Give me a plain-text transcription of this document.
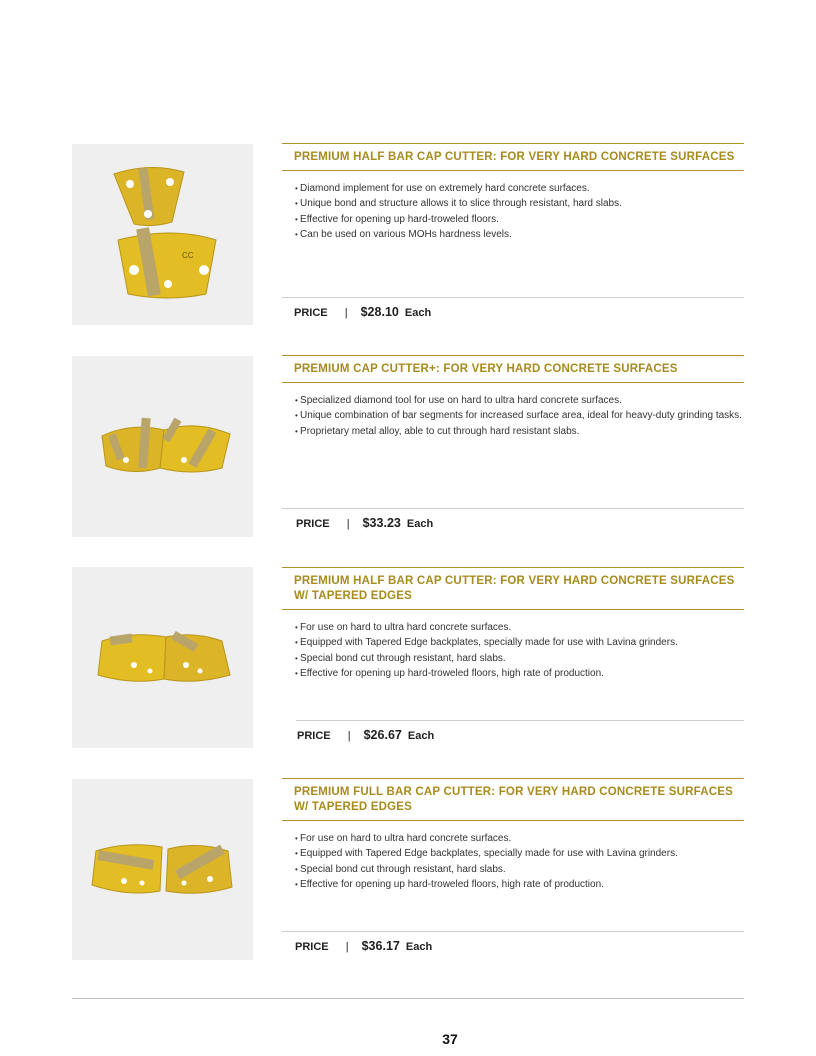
CC
PREMIUM HALF BAR CAP CUTTER: FOR VERY HARD CONCRETE SURFACES
• Diamond implement for use on extremely hard concrete surfaces.
• Unique bond and structure allows it to slice through resistant, hard slabs.
• Effective for opening up hard-troweled floors.
• Can be used on various MOHs hardness levels.
PRICE | $28.10 Each
PREMIUM CAP CUTTER+: FOR VERY HARD CONCRETE SURFACES
• Specialized diamond tool for use on hard to ultra hard concrete surfaces.
• Unique combination of bar segments for increased surface area, ideal for heavy-duty grinding tasks.
• Proprietary metal alloy, able to cut through hard resistant slabs.
PRICE | $33.23 Each
PREMIUM HALF BAR CAP CUTTER: FOR VERY HARD CONCRETE SURFACES W/ TAPERED EDGES
• For use on hard to ultra hard concrete surfaces.
• Equipped with Tapered Edge backplates, specially made for use with Lavina grinders.
• Special bond cut through resistant, hard slabs.
• Effective for opening up hard-troweled floors, high rate of production.
PRICE | $26.67 Each
PREMIUM FULL BAR CAP CUTTER: FOR VERY HARD CONCRETE SURFACES W/ TAPERED EDGES
• For use on hard to ultra hard concrete surfaces.
• Equipped with Tapered Edge backplates, specially made for use with Lavina grinders.
• Special bond cut through resistant, hard slabs.
• Effective for opening up hard-troweled floors, high rate of production.
PRICE | $36.17 Each
37
